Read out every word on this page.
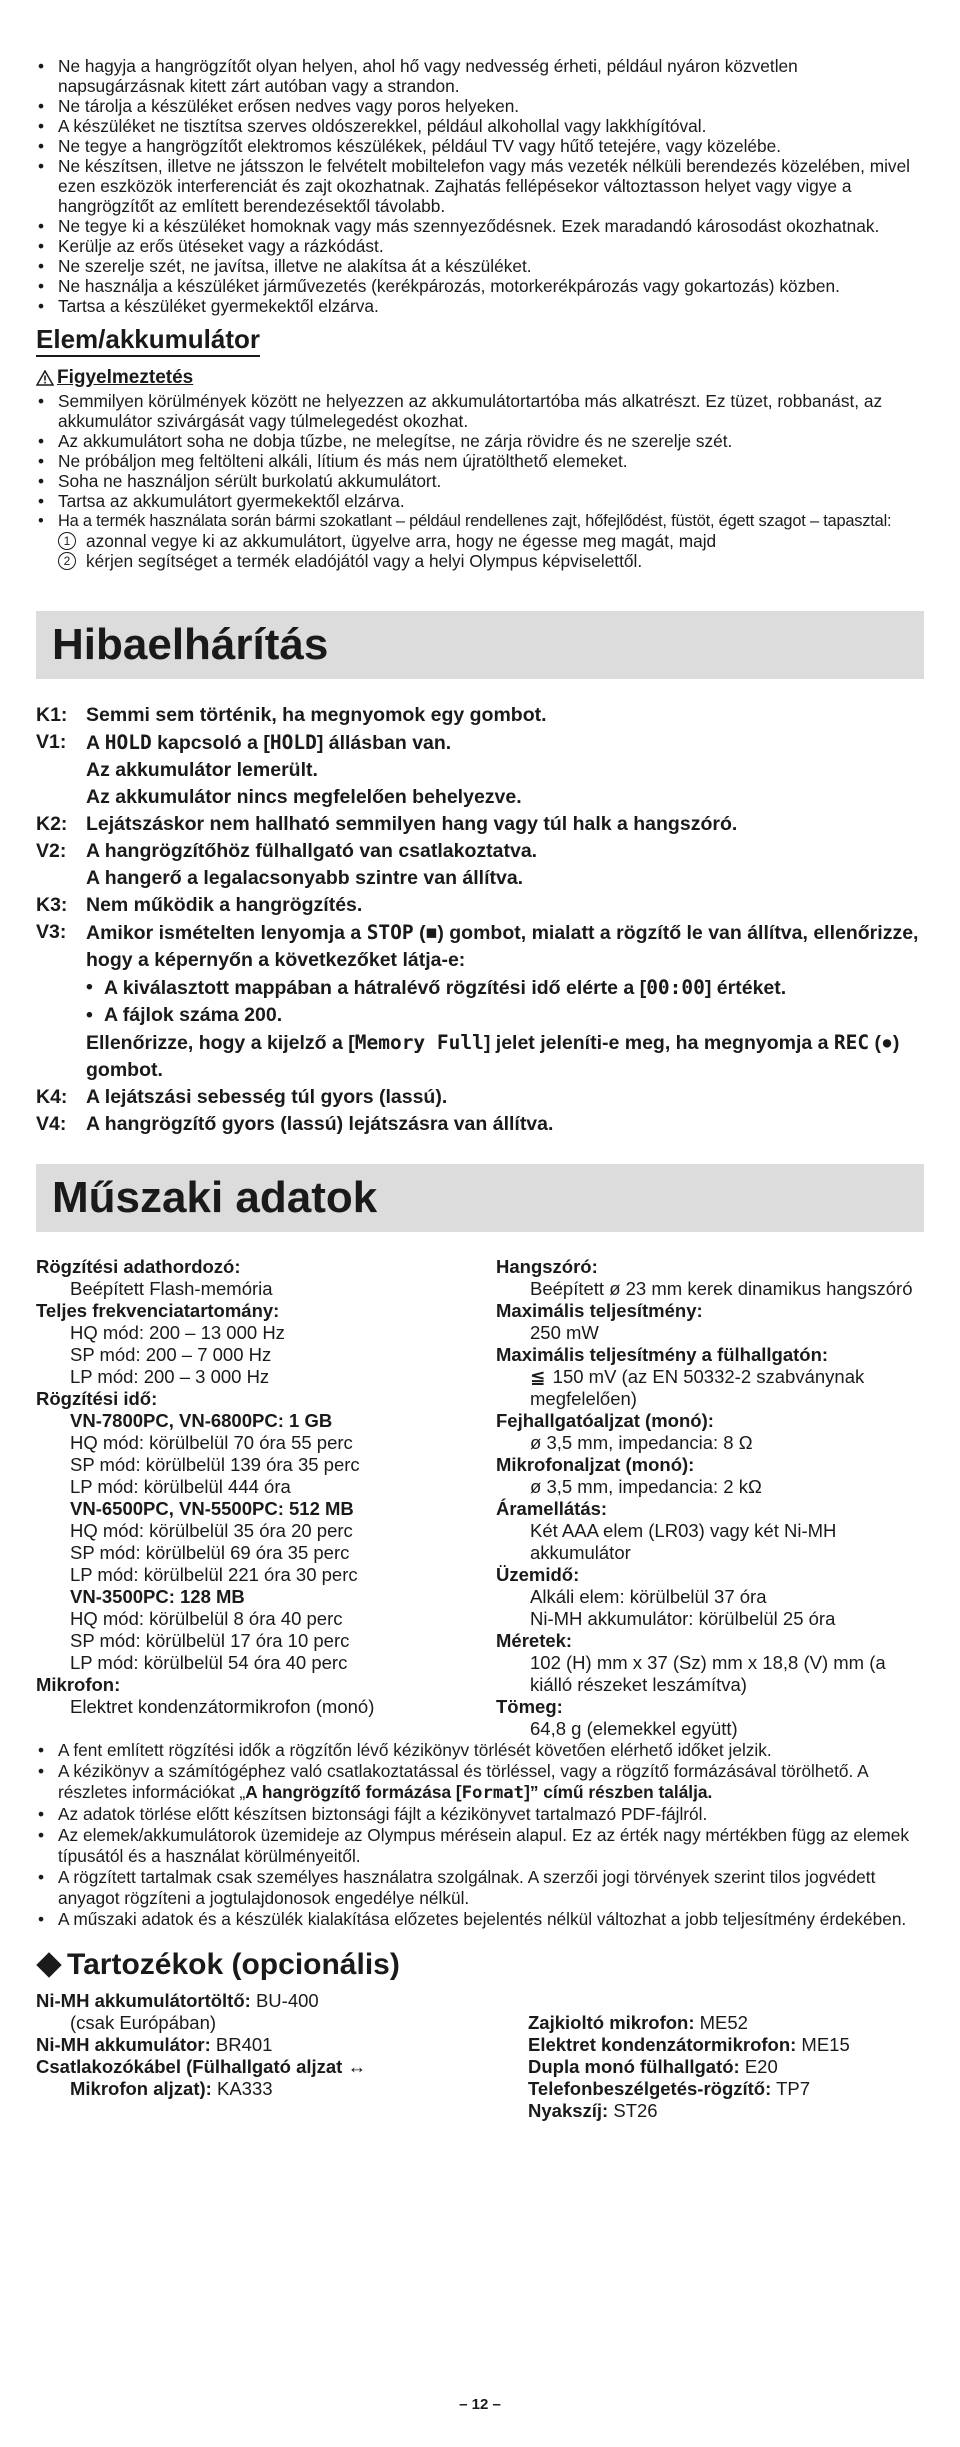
• Ne hagyja a hangrögzítőt olyan helyen, ahol hő vagy nedvesség érheti, például nyáron közvetlen napsugárzásnak kitett zárt autóban vagy a strandon.
• Ne tárolja a készüléket erősen nedves vagy poros helyeken.
• A készüléket ne tisztítsa szerves oldószerekkel, például alkohollal vagy lakkhígítóval.
• Ne tegye a hangrögzítőt elektromos készülékek, például TV vagy hűtő tetejére, vagy közelébe.
• Ne készítsen, illetve ne játsszon le felvételt mobiltelefon vagy más vezeték nélküli berendezés közelében, mivel ezen eszközök interferenciát és zajt okozhatnak. Zajhatás fellépésekor változtasson helyet vagy vigye a hangrögzítőt az említett berendezésektől távolabb.
• Ne tegye ki a készüléket homoknak vagy más szennyeződésnek. Ezek maradandó károsodást okozhatnak.
• Kerülje az erős ütéseket vagy a rázkódást.
• Ne szerelje szét, ne javítsa, illetve ne alakítsa át a készüléket.
• Ne használja a készüléket járművezetés (kerékpározás, motorkerékpározás vagy gokartozás) közben.
• Tartsa a készüléket gyermekektől elzárva.
Elem/akkumulátor
Figyelmeztetés
• Semmilyen körülmények között ne helyezzen az akkumulátortartóba más alkatrészt. Ez tüzet, robbanást, az akkumulátor szivárgását vagy túlmelegedést okozhat.
• Az akkumulátort soha ne dobja tűzbe, ne melegítse, ne zárja rövidre és ne szerelje szét.
• Ne próbáljon meg feltölteni alkáli, lítium és más nem újratölthető elemeket.
• Soha ne használjon sérült burkolatú akkumulátort.
• Tartsa az akkumulátort gyermekektől elzárva.
• Ha a termék használata során bármi szokatlant – például rendellenes zajt, hőfejlődést, füstöt, égett szagot – tapasztal:
1 azonnal vegye ki az akkumulátort, ügyelve arra, hogy ne égesse meg magát, majd
2 kérjen segítséget a termék eladójától vagy a helyi Olympus képviselettől.
Hibaelhárítás
K1: Semmi sem történik, ha megnyomok egy gombot.
V1:	A HOLD kapcsoló a [HOLD] állásban van.
Az akkumulátor lemerült.
Az akkumulátor nincs megfelelően behelyezve.
K2: Lejátszáskor nem hallható semmilyen hang vagy túl halk a hangszóró.
V2:	A hangrögzítőhöz fülhallgató van csatlakoztatva.
A hangerő a legalacsonyabb szintre van állítva.
K3: Nem működik a hangrögzítés.
V3:	Amikor ismételten lenyomja a STOP (■) gombot, mialatt a rögzítő le van állítva, ellenőrizze, hogy a képernyőn a következőket látja-e:
• A kiválasztott mappában a hátralévő rögzítési idő elérte a [00:00] értéket.
• A fájlok száma 200.
Ellenőrizze, hogy a kijelző a [Memory Full] jelet jeleníti-e meg, ha megnyomja a REC (●) gombot.
K4: A lejátszási sebesség túl gyors (lassú).
V4:	A hangrögzítő gyors (lassú) lejátszásra van állítva.
Műszaki adatok
Rögzítési adathordozó:
Beépített Flash-memória
Teljes frekvenciatartomány:
HQ mód: 200 – 13 000 Hz
SP mód: 200 – 7 000 Hz
LP mód: 200 – 3 000 Hz
Rögzítési idő:
VN-7800PC, VN-6800PC: 1 GB
HQ mód: körülbelül 70 óra 55 perc
SP mód: körülbelül 139 óra 35 perc
LP mód: körülbelül 444 óra
VN-6500PC, VN-5500PC: 512 MB
HQ mód: körülbelül 35 óra 20 perc
SP mód: körülbelül 69 óra 35 perc
LP mód: körülbelül 221 óra 30 perc
VN-3500PC: 128 MB
HQ mód: körülbelül 8 óra 40 perc
SP mód: körülbelül 17 óra 10 perc
LP mód: körülbelül 54 óra 40 perc
Mikrofon:
Elektret kondenzátormikrofon (monó)
Hangszóró:
Beépített ø 23 mm kerek dinamikus hangszóró
Maximális teljesítmény:
250 mW
Maximális teljesítmény a fülhallgatón:
≦ 150 mV (az EN 50332-2 szabványnak megfelelően)
Fejhallgatóaljzat (monó):
ø 3,5 mm, impedancia: 8 Ω
Mikrofonaljzat (monó):
ø 3,5 mm, impedancia: 2 kΩ
Áramellátás:
Két AAA elem (LR03) vagy két Ni-MH akkumulátor
Üzemidő:
Alkáli elem: körülbelül 37 óra
Ni-MH akkumulátor: körülbelül 25 óra
Méretek:
102 (H) mm x 37 (Sz) mm x 18,8 (V) mm (a kiálló részeket leszámítva)
Tömeg:
64,8 g (elemekkel együtt)
• A fent említett rögzítési idők a rögzítőn lévő kézikönyv törlését követően elérhető időket jelzik.
• A kézikönyv a számítógéphez való csatlakoztatással és törléssel, vagy a rögzítő formázásával törölhető. A részletes információkat „A hangrögzítő formázása [Format]” című részben találja.
• Az adatok törlése előtt készítsen biztonsági fájlt a kézikönyvet tartalmazó PDF-fájlról.
• Az elemek/akkumulátorok üzemideje az Olympus mérésein alapul. Ez az érték nagy mértékben függ az elemek típusától és a használat körülményeitől.
• A rögzített tartalmak csak személyes használatra szolgálnak. A szerzői jogi törvények szerint tilos jogvédett anyagot rögzíteni a jogtulajdonosok engedélye nélkül.
• A műszaki adatok és a készülék kialakítása előzetes bejelentés nélkül változhat a jobb teljesítmény érdekében.
Tartozékok (opcionális)
Ni-MH akkumulátortöltő: BU-400
(csak Európában)
Ni-MH akkumulátor: BR401
Csatlakozókábel (Fülhallgató aljzat ↔
Mikrofon aljzat): KA333
Zajkioltó mikrofon: ME52
Elektret kondenzátormikrofon: ME15
Dupla monó fülhallgató: E20
Telefonbeszélgetés-rögzítő: TP7
Nyakszíj: ST26
– 12 –
